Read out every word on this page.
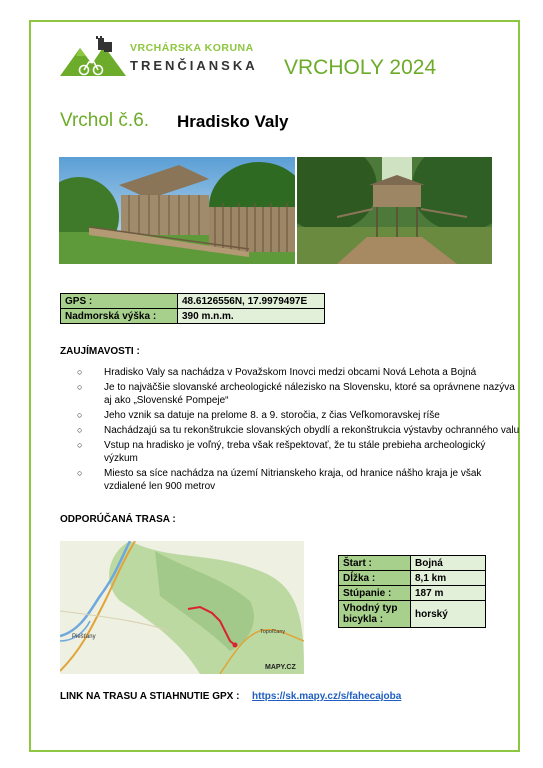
VRCHÁRSKA KORUNA
TRENČIANSKA VRCHOLY 2024
Vrchol č.6. Hradisko Valy
GPS :	48.6126556N, 17.9979497E
Nadmorská výška :	390 m.n.m.
ZAUJÍMAVOSTI :
○ Hradisko Valy sa nachádza v Považskom Inovci medzi obcami Nová Lehota a Bojná
○ Je to najväčšie slovanské archeologické nálezisko na Slovensku, ktoré sa oprávnene nazýva aj ako „Slovenské Pompeje“
○ Jeho vznik sa datuje na prelome 8. a 9. storočia, z čias Veľkomoravskej ríše
○ Nachádzajú sa tu rekonštrukcie slovanských obydlí a rekonštrukcia výstavby ochranného valu
○ Vstup na hradisko je voľný, treba však rešpektovať, že tu stále prebieha archeologický výzkum
○ Miesto sa síce nachádza na území Nitrianskeho kraja, od hranice nášho kraja je však vzdialené len 900 metrov
ODPORÚČANÁ TRASA :
Piešťany
Topoľčany
MAPY.CZ
Štart :	Bojná
Dĺžka :	8,1 km
Stúpanie :	187 m
Vhodný typ bicykla :	horský
LINK NA TRASU A STIAHNUTIE GPX : https://sk.mapy.cz/s/fahecajoba
